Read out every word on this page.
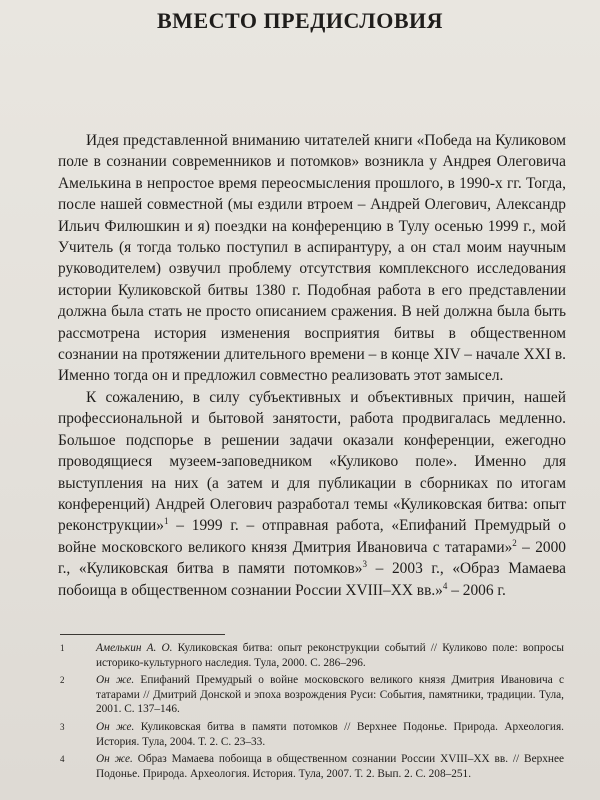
ВМЕСТО ПРЕДИСЛОВИЯ

Идея представленной вниманию читателей книги «Победа на Куликовом поле в сознании современников и потомков» возникла у Андрея Олеговича Амелькина в непростое время переосмысления прошлого, в 1990-х гг. Тогда, после нашей совместной (мы ездили втроем – Андрей Олегович, Александр Ильич Филюшкин и я) поездки на конференцию в Тулу осенью 1999 г., мой Учитель (я тогда только поступил в аспирантуру, а он стал моим научным руководителем) озвучил проблему отсутствия комплексного исследования истории Куликовской битвы 1380 г. Подобная работа в его представлении должна была стать не просто описанием сражения. В ней должна была быть рассмотрена история изменения восприятия битвы в общественном сознании на протяжении длительного времени – в конце XIV – начале XXI в. Именно тогда он и предложил совместно реализовать этот замысел.

К сожалению, в силу субъективных и объективных причин, нашей профессиональной и бытовой занятости, работа продвигалась медленно. Большое подспорье в решении задачи оказали конференции, ежегодно проводящиеся музеем-заповедником «Куликово поле». Именно для выступления на них (а затем и для публикации в сборниках по итогам конференций) Андрей Олегович разработал темы «Куликовская битва: опыт реконструкции»$^1$ – 1999 г. – отправная работа, «Епифаний Премудрый о войне московского великого князя Дмитрия Ивановича с татарами»$^2$ – 2000 г., «Куликовская битва в памяти потомков»$^3$ – 2003 г., «Образ Мамаева побоища в общественном сознании России XVIII–XX вв.»$^4$ – 2006 г.

1	Амелькин А. О. Куликовская битва: опыт реконструкции событий // Куликово поле: вопросы историко-культурного наследия. Тула, 2000. С. 286–296.
2	Он же. Епифаний Премудрый о войне московского великого князя Дмитрия Ивановича с татарами // Дмитрий Донской и эпоха возрождения Руси: События, памятники, традиции. Тула, 2001. С. 137–146.
3	Он же. Куликовская битва в памяти потомков // Верхнее Подонье. Природа. Археология. История. Тула, 2004. Т. 2. С. 23–33.
4	Он же. Образ Мамаева побоища в общественном сознании России XVIII–XX вв. // Верхнее Подонье. Природа. Археология. История. Тула, 2007. Т. 2. Вып. 2. С. 208–251.
